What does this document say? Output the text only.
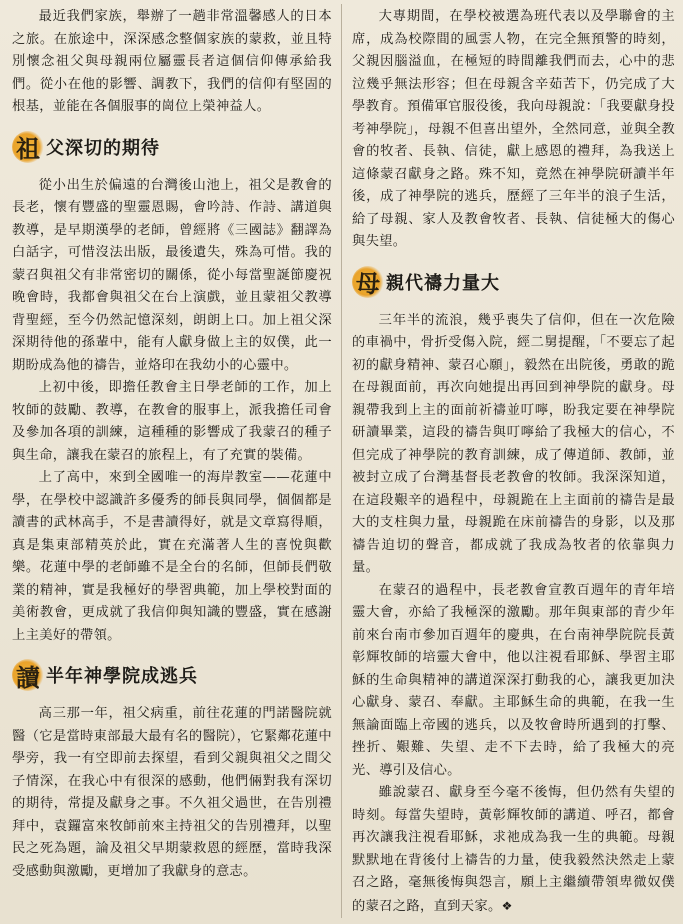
最近我們家族，舉辦了一趟非常溫馨感人的日本之旅。在旅途中，深深感念整個家族的蒙救，並且特別懷念祖父與母親兩位屬靈長者這個信仰傳承給我們。從小在他的影響、調教下，我們的信仰有堅固的根基，並能在各個服事的崗位上榮神益人。

祖 父深切的期待

從小出生於偏遠的台灣後山池上，祖父是教會的長老，懷有豐盛的聖靈恩賜，會吟詩、作詩、講道與教導，是早期漢學的老師，曾經將《三國誌》翻譯為白話字，可惜沒法出版，最後遺失，殊為可惜。我的蒙召與祖父有非常密切的關係，從小每當聖誕節慶祝晚會時，我都會與祖父在台上演戲，並且蒙祖父教導背聖經，至今仍然記憶深刻，朗朗上口。加上祖父深深期待他的孫輩中，能有人獻身做上主的奴僕，此一期盼成為他的禱告，並烙印在我幼小的心靈中。

上初中後，即擔任教會主日學老師的工作，加上牧師的鼓勵、教導，在教會的服事上，派我擔任司會及參加各項的訓練，這種種的影響成了我蒙召的種子與生命，讓我在蒙召的旅程上，有了充實的裝備。

上了高中，來到全國唯一的海岸教室——花蓮中學，在學校中認識許多優秀的師長與同學，個個都是讀書的武林高手，不是書讀得好，就是文章寫得順，真是集東部精英於此，實在充滿著人生的喜悅與歡樂。花蓮中學的老師雖不是全台的名師，但師長們敬業的精神，實是我極好的學習典範，加上學校對面的美術教會，更成就了我信仰與知識的豐盛，實在感謝上主美好的帶領。

讀 半年神學院成逃兵

高三那一年，祖父病重，前往花蓮的門諾醫院就醫（它是當時東部最大最有名的醫院），它緊鄰花蓮中學旁，我一有空即前去探望，看到父親與祖父之間父子情深，在我心中有很深的感動，他們倆對我有深切的期待，常提及獻身之事。不久祖父過世，在告別禮拜中，袁鑼富來牧師前來主持祖父的告別禮拜，以聖民之死為題，論及祖父早期蒙救恩的經歷，當時我深受感動與激勵，更增加了我獻身的意志。

大專期間，在學校被選為班代表以及學聯會的主席，成為校際間的風雲人物，在完全無預警的時刻，父親因腦溢血，在極短的時間離我們而去，心中的悲泣幾乎無法形容；但在母親含辛茹苦下，仍完成了大學教育。預備軍官服役後，我向母親說：「我要獻身投考神學院」，母親不但喜出望外，全然同意，並與全教會的牧者、長執、信徒，獻上感恩的禮拜，為我送上這條蒙召獻身之路。殊不知，竟然在神學院研讀半年後，成了神學院的逃兵，歷經了三年半的浪子生活，給了母親、家人及教會牧者、長執、信徒極大的傷心與失望。

母 親代禱力量大

三年半的流浪，幾乎喪失了信仰，但在一次危險的車禍中，骨折受傷入院，經二舅提醒，「不要忘了起初的獻身精神、蒙召心願」，毅然在出院後，勇敢的跪在母親面前，再次向她提出再回到神學院的獻身。母親帶我到上主的面前祈禱並叮嚀，盼我定要在神學院研讀畢業，這段的禱告與叮嚀給了我極大的信心，不但完成了神學院的教育訓練，成了傳道師、教師，並被封立成了台灣基督長老教會的牧師。我深深知道，在這段艱辛的過程中，母親跪在上主面前的禱告是最大的支柱與力量，母親跪在床前禱告的身影，以及那禱告迫切的聲音，都成就了我成為牧者的依靠與力量。

在蒙召的過程中，長老教會宣教百週年的青年培靈大會，亦給了我極深的激勵。那年與東部的青少年前來台南市參加百週年的慶典，在台南神學院院長黃彰輝牧師的培靈大會中，他以注視看耶穌、學習主耶穌的生命與精神的講道深深打動我的心，讓我更加決心獻身、蒙召、奉獻。主耶穌生命的典範，在我一生無論面臨上帝國的逃兵，以及牧會時所遇到的打擊、挫折、艱難、失望、走不下去時，給了我極大的亮光、導引及信心。

雖說蒙召、獻身至今毫不後悔，但仍然有失望的時刻。每當失望時，黃彰輝牧師的講道、呼召，都會再次讓我注視看耶穌，求祂成為我一生的典範。母親默默地在背後付上禱告的力量，使我毅然決然走上蒙召之路，毫無後悔與怨言，願上主繼續帶領卑微奴僕的蒙召之路，直到天家。❖
